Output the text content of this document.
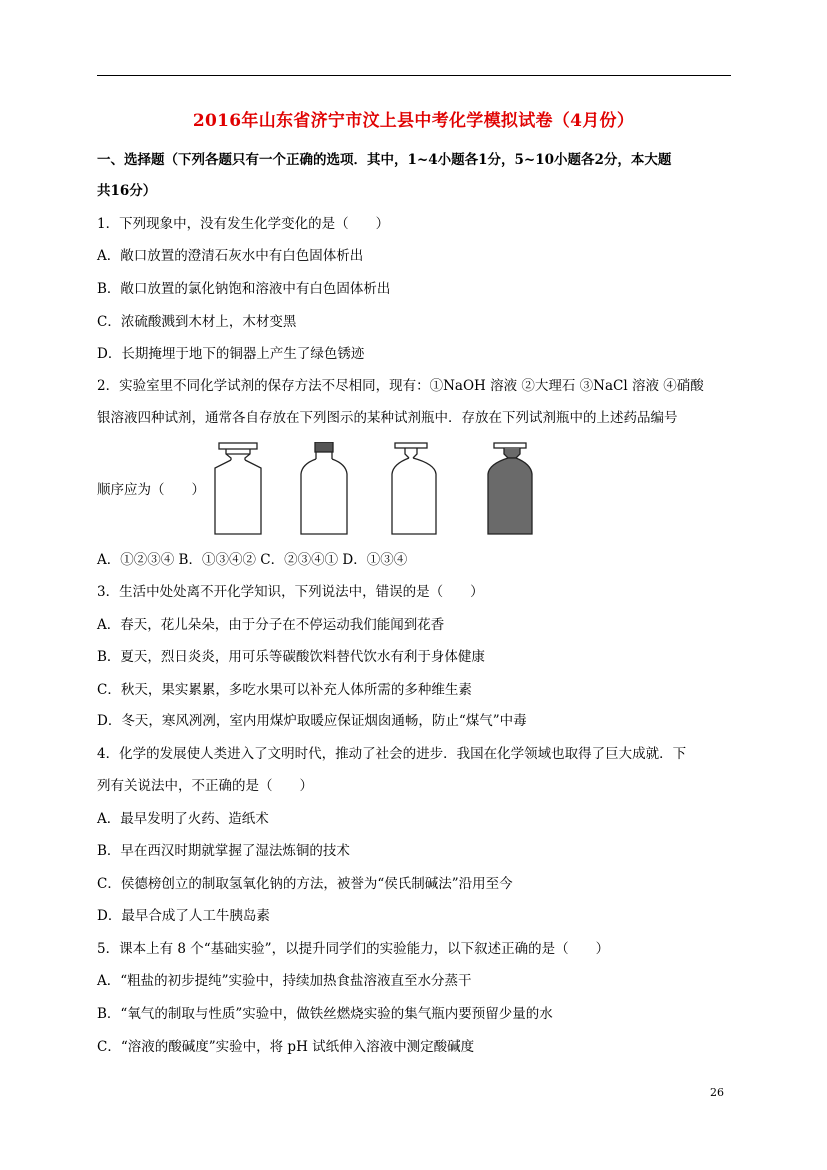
2016年山东省济宁市汶上县中考化学模拟试卷（4月份）
一、选择题（下列各题只有一个正确的选项．其中，1~4小题各1分，5~10小题各2分，本大题
共16分）
1．下列现象中，没有发生化学变化的是（　　）
A．敞口放置的澄清石灰水中有白色固体析出
B．敞口放置的氯化钠饱和溶液中有白色固体析出
C．浓硫酸溅到木材上，木材变黑
D．长期掩埋于地下的铜器上产生了绿色锈迹
2．实验室里不同化学试剂的保存方法不尽相同，现有：①NaOH 溶液 ②大理石 ③NaCl 溶液 ④硝酸
银溶液四种试剂，通常各自存放在下列图示的某种试剂瓶中．存放在下列试剂瓶中的上述药品编号
顺序应为（　　）
A．①②③④ B．①③④② C．②③④① D．①③④
3．生活中处处离不开化学知识，下列说法中，错误的是（　　）
A．春天，花儿朵朵，由于分子在不停运动我们能闻到花香
B．夏天，烈日炎炎，用可乐等碳酸饮料替代饮水有利于身体健康
C．秋天，果实累累，多吃水果可以补充人体所需的多种维生素
D．冬天，寒风冽冽，室内用煤炉取暖应保证烟囱通畅，防止“煤气”中毒
4．化学的发展使人类进入了文明时代，推动了社会的进步．我国在化学领域也取得了巨大成就．下
列有关说法中，不正确的是（　　）
A．最早发明了火药、造纸术
B．早在西汉时期就掌握了湿法炼铜的技术
C．侯德榜创立的制取氢氧化钠的方法，被誉为“侯氏制碱法”沿用至今
D．最早合成了人工牛胰岛素
5．课本上有 8 个“基础实验”，以提升同学们的实验能力，以下叙述正确的是（　　）
A．“粗盐的初步提纯”实验中，持续加热食盐溶液直至水分蒸干
B．“氧气的制取与性质”实验中，做铁丝燃烧实验的集气瓶内要预留少量的水
C．“溶液的酸碱度”实验中，将 pH 试纸伸入溶液中测定酸碱度
26
